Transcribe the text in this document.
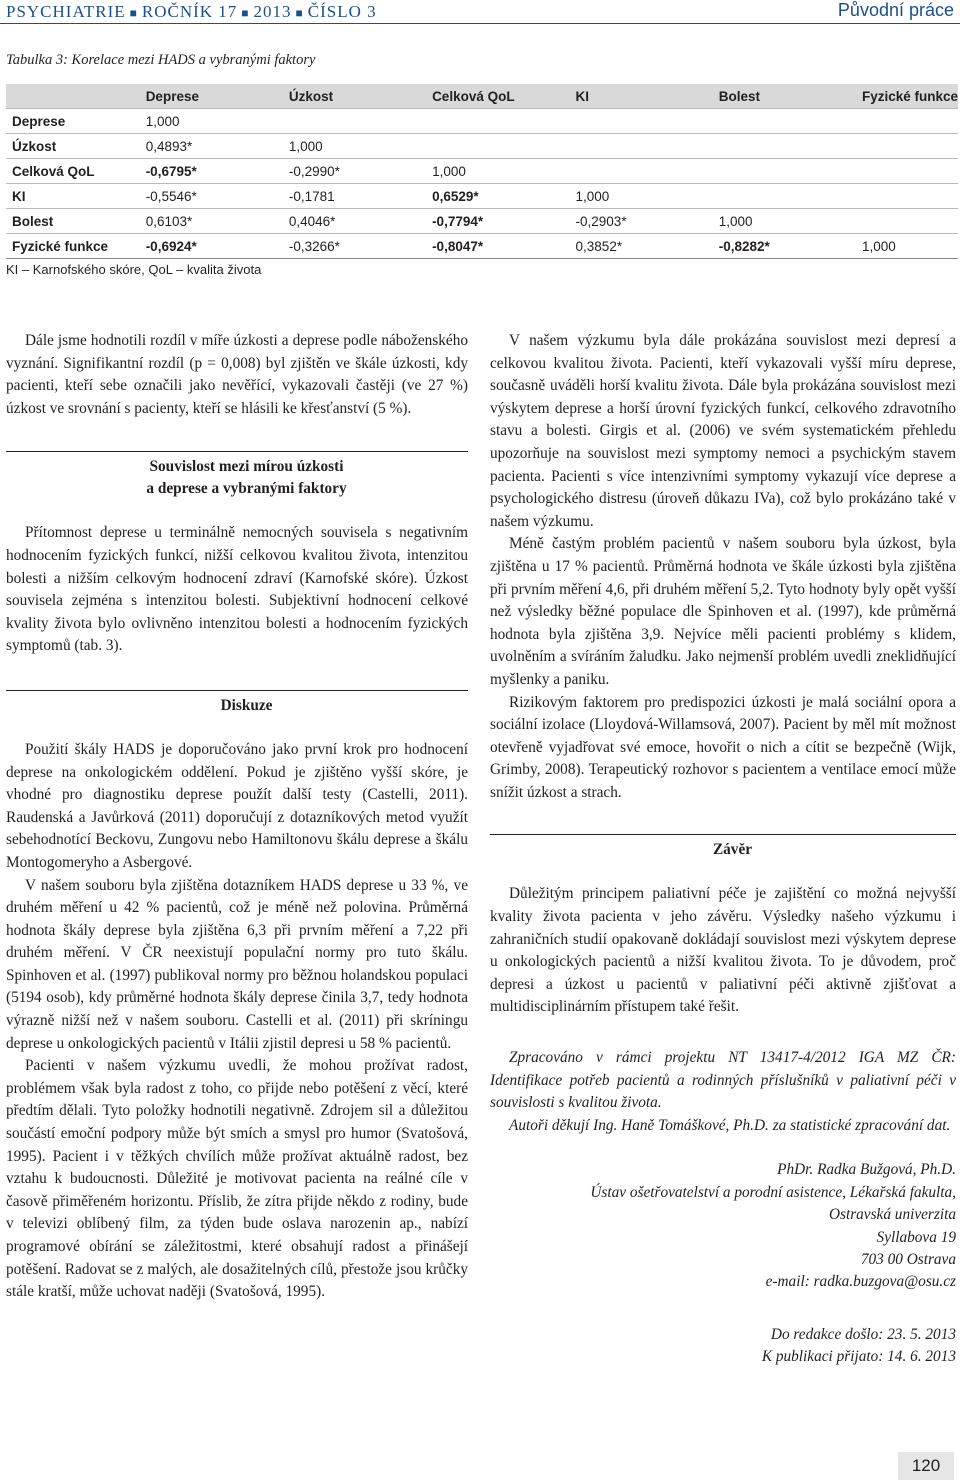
PSYCHIATRIE ■ ROČNÍK 17 ■ 2013 ■ ČÍSLO 3	Původní práce
Tabulka 3: Korelace mezi HADS a vybranými faktory
	Deprese	Úzkost	Celková QoL	KI	Bolest	Fyzické funkce
Deprese	1,000					
Úzkost	0,4893*	1,000				
Celková QoL	-0,6795*	-0,2990*	1,000			
KI	-0,5546*	-0,1781	0,6529*	1,000		
Bolest	0,6103*	0,4046*	-0,7794*	-0,2903*	1,000	
Fyzické funkce	-0,6924*	-0,3266*	-0,8047*	0,3852*	-0,8282*	1,000
KI – Karnofského skóre, QoL – kvalita života

Dále jsme hodnotili rozdíl v míře úzkosti a deprese podle náboženského vyznání. Signifikantní rozdíl (p = 0,008) byl zjištěn ve škále úzkosti, kdy pacienti, kteří sebe označili jako nevěřící, vykazovali častěji (ve 27 %) úzkost ve srovnání s pacienty, kteří se hlásili ke křesťanství (5 %).

Souvislost mezi mírou úzkosti

a deprese a vybranými faktory

Přítomnost deprese u terminálně nemocných souvisela s negativním hodnocením fyzických funkcí, nižší celkovou kvalitou života, intenzitou bolesti a nižším celkovým hodnocení zdraví (Karnofské skóre). Úzkost souvisela zejména s intenzitou bolesti. Subjektivní hodnocení celkové kvality života bylo ovlivněno intenzitou bolesti a hodnocením fyzických symptomů (tab. 3).

Diskuze

Použití škály HADS je doporučováno jako první krok pro hodnocení deprese na onkologickém oddělení. Pokud je zjištěno vyšší skóre, je vhodné pro diagnostiku deprese použít další testy (Castelli, 2011). Raudenská a Javůrková (2011) doporučují z dotazníkových metod využít sebehodnotící Beckovu, Zungovu nebo Hamiltonovu škálu deprese a škálu Montogomeryho a Asbergové.

V našem souboru byla zjištěna dotazníkem HADS deprese u 33 %, ve druhém měření u 42 % pacientů, což je méně než polovina. Průměrná hodnota škály deprese byla zjištěna 6,3 při prvním měření a 7,22 při druhém měření. V ČR neexistují populační normy pro tuto škálu. Spinhoven et al. (1997) publikoval normy pro běžnou holandskou populaci (5194 osob), kdy průměrné hodnota škály deprese činila 3,7, tedy hodnota výrazně nižší než v našem souboru. Castelli et al. (2011) při skríningu deprese u onkologických pacientů v Itálii zjistil depresi u 58 % pacientů.

Pacienti v našem výzkumu uvedli, že mohou prožívat radost, problémem však byla radost z toho, co přijde nebo potěšení z věcí, které předtím dělali. Tyto položky hodnotili negativně. Zdrojem sil a důležitou součástí emoční podpory může být smích a smysl pro humor (Svatošová, 1995). Pacient i v těžkých chvílích může prožívat aktuálně radost, bez vztahu k budoucnosti. Důležité je motivovat pacienta na reálné cíle v časově přiměřeném horizontu. Příslib, že zítra přijde někdo z rodiny, bude v televizi oblíbený film, za týden bude oslava narozenin ap., nabízí programové obírání se záležitostmi, které obsahují radost a přinášejí potěšení. Radovat se z malých, ale dosažitelných cílů, přestože jsou krůčky stále kratší, může uchovat naději (Svatošová, 1995).

V našem výzkumu byla dále prokázána souvislost mezi depresí a celkovou kvalitou života. Pacienti, kteří vykazovali vyšší míru deprese, současně uváděli horší kvalitu života. Dále byla prokázána souvislost mezi výskytem deprese a horší úrovní fyzických funkcí, celkového zdravotního stavu a bolesti. Girgis et al. (2006) ve svém systematickém přehledu upozorňuje na souvislost mezi symptomy nemoci a psychickým stavem pacienta. Pacienti s více intenzivními symptomy vykazují více deprese a psychologického distresu (úroveň důkazu IVa), což bylo prokázáno také v našem výzkumu.

Méně častým problém pacientů v našem souboru byla úzkost, byla zjištěna u 17 % pacientů. Průměrná hodnota ve škále úzkosti byla zjištěna při prvním měření 4,6, při druhém měření 5,2. Tyto hodnoty byly opět vyšší než výsledky běžné populace dle Spinhoven et al. (1997), kde průměrná hodnota byla zjištěna 3,9. Nejvíce měli pacienti problémy s klidem, uvolněním a svíráním žaludku. Jako nejmenší problém uvedli zneklidňující myšlenky a paniku.

Rizikovým faktorem pro predispozici úzkosti je malá sociální opora a sociální izolace (Lloydová-Willamsová, 2007). Pacient by měl mít možnost otevřeně vyjadřovat své emoce, hovořit o nich a cítit se bezpečně (Wijk, Grimby, 2008). Terapeutický rozhovor s pacientem a ventilace emocí může snížit úzkost a strach.

Závěr

Důležitým principem paliativní péče je zajištění co možná nejvyšší kvality života pacienta v jeho závěru. Výsledky našeho výzkumu i zahraničních studií opakovaně dokládají souvislost mezi výskytem deprese u onkologických pacientů a nižší kvalitou života. To je důvodem, proč depresi a úzkost u pacientů v paliativní péči aktivně zjišťovat a multidisciplinárním přístupem také řešit.

Zpracováno v rámci projektu NT 13417-4/2012 IGA MZ ČR: Identifikace potřeb pacientů a rodinných příslušníků v paliativní péči v souvislosti s kvalitou života.

Autoři děkují Ing. Haně Tomáškové, Ph.D. za statistické zpracování dat.

PhDr. Radka Bužgová, Ph.D.
Ústav ošetřovatelství a porodní asistence, Lékařská fakulta,
Ostravská univerzita
Syllabova 19
703 00 Ostrava
e-mail: radka.buzgova@osu.cz
Do redakce došlo: 23. 5. 2013
K publikaci přijato: 14. 6. 2013
120
